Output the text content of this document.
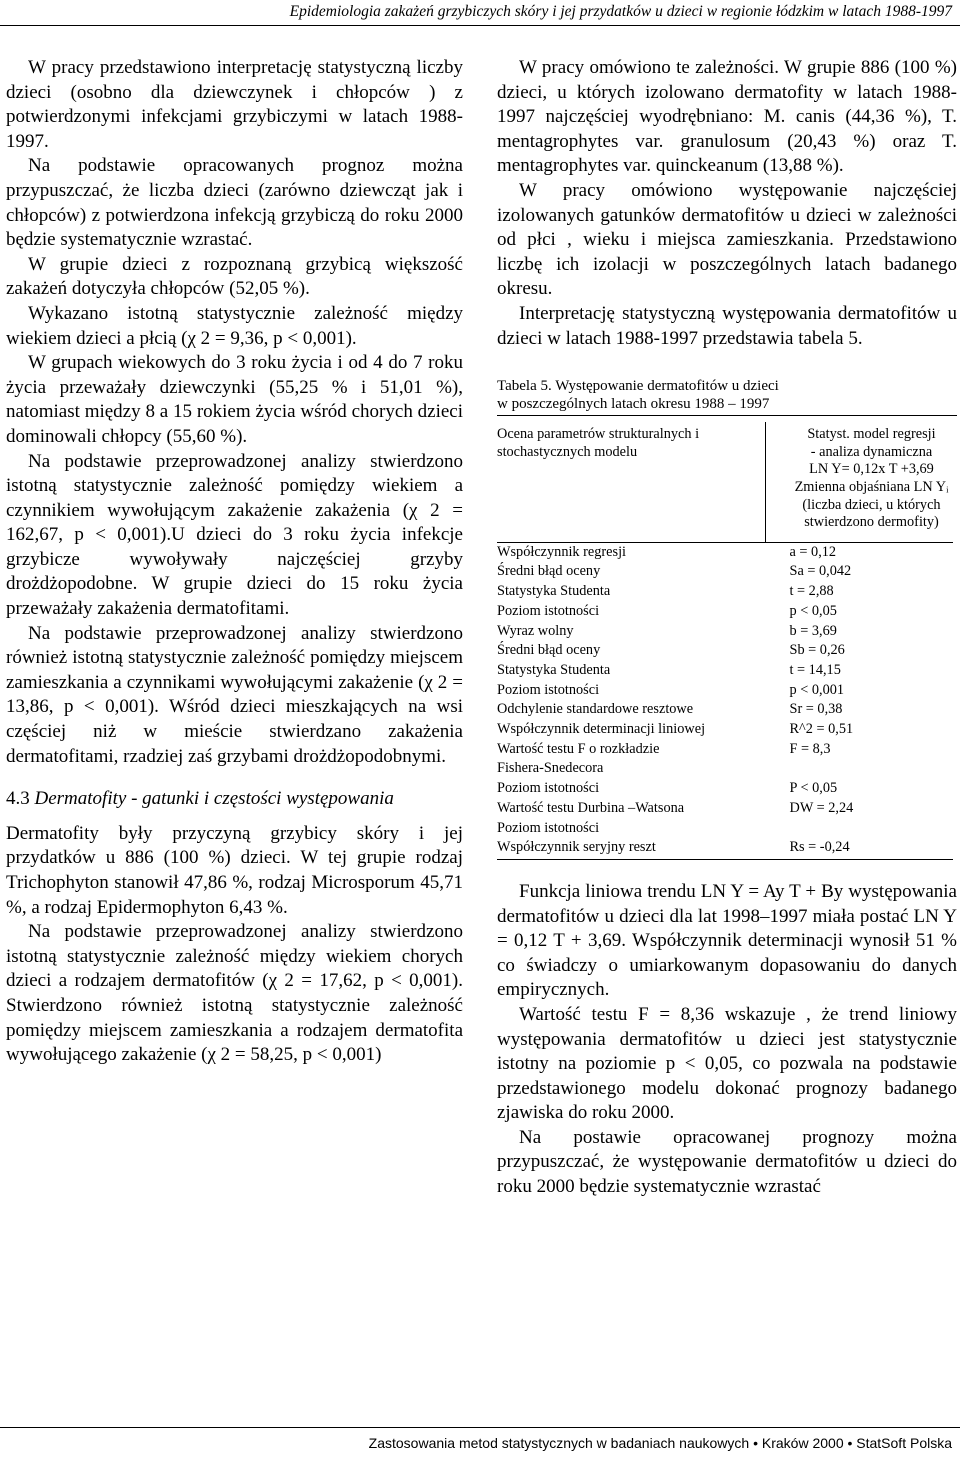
Epidemiologia zakażeń grzybiczych skóry i jej przydatków u dzieci w regionie łódzkim w latach 1988-1997

W pracy przedstawiono interpretację statystyczną liczby dzieci (osobno dla dziewczynek i chłopców ) z potwierdzonymi infekcjami grzybiczymi w latach 1988-1997.

Na podstawie opracowanych prognoz można przypuszczać, że liczba dzieci (zarówno dziewcząt jak i chłopców) z potwierdzona infekcją grzybiczą do roku 2000 będzie systematycznie wzrastać.

W grupie dzieci z rozpoznaną grzybicą większość zakażeń dotyczyła chłopców (52,05 %).

Wykazano istotną statystycznie zależność między wiekiem dzieci a płcią (χ 2 = 9,36, p < 0,001).

W grupach wiekowych do 3 roku życia i od 4 do 7 roku życia przeważały dziewczynki (55,25 % i 51,01 %), natomiast między 8 a 15 rokiem życia wśród chorych dzieci dominowali chłopcy (55,60 %).

Na podstawie przeprowadzonej analizy stwierdzono istotną statystycznie zależność pomiędzy wiekiem a czynnikiem wywołującym zakażenie zakażenia (χ 2 = 162,67, p < 0,001).U dzieci do 3 roku życia infekcje grzybicze wywoływały najczęściej grzyby drożdżopodobne. W grupie dzieci do 15 roku życia przeważały zakażenia dermatofitami.

Na podstawie przeprowadzonej analizy stwierdzono również istotną statystycznie zależność pomiędzy miejscem zamieszkania a czynnikami wywołującymi zakażenie (χ 2 = 13,86, p < 0,001). Wśród dzieci mieszkających na wsi częściej niż w mieście stwierdzano zakażenia dermatofitami, rzadziej zaś grzybami drożdżopodobnymi.

4.3 Dermatofity - gatunki i częstości występowania

Dermatofity były przyczyną grzybicy skóry i jej przydatków u 886 (100 %) dzieci. W tej grupie rodzaj Trichophyton stanowił 47,86 %, rodzaj Microsporum 45,71 %, a rodzaj Epidermophyton 6,43 %.

Na podstawie przeprowadzonej analizy stwierdzono istotną statystycznie zależność między wiekiem chorych dzieci a rodzajem dermatofitów (χ 2 = 17,62, p < 0,001). Stwierdzono również istotną statystycznie zależność pomiędzy miejscem zamieszkania a rodzajem dermatofita wywołującego zakażenie (χ 2 = 58,25, p < 0,001)

W pracy omówiono te zależności. W grupie 886 (100 %) dzieci, u których izolowano dermatofity w latach 1988-1997 najczęściej wyodrębniano: M. canis (44,36 %), T. mentagrophytes var. granulosum (20,43 %) oraz T. mentagrophytes var. quinckeanum (13,88 %).

W pracy omówiono występowanie najczęściej izolowanych gatunków dermatofitów u dzieci w zależności od płci , wieku i miejsca zamieszkania. Przedstawiono liczbę ich izolacji w poszczególnych latach badanego okresu.

Interpretację statystyczną występowania dermatofitów u dzieci w latach 1988-1997 przedstawia tabela 5.

Tabela 5. Występowanie dermatofitów u dzieci
w poszczególnych latach okresu 1988 – 1997
Ocena parametrów strukturalnych i stochastycznych modelu	Statyst. model regresji
- analiza dynamiczna
LN Y= 0,12x T +3,69
Zmienna objaśniana LN Yᵢ
(liczba dzieci, u których stwierdzono dermofity)

Współczynnik regresji	a = 0,12
Średni błąd oceny	Sa = 0,042
Statystyka Studenta	t = 2,88
Poziom istotności	p < 0,05
Wyraz wolny	b = 3,69
Średni błąd oceny	Sb = 0,26
Statystyka Studenta	t = 14,15
Poziom istotności	p < 0,001
Odchylenie standardowe resztowe	Sr = 0,38
Współczynnik determinacji liniowej	R^2 = 0,51
Wartość testu F o rozkładzie	F = 8,3
Fishera-Snedecora	
Poziom istotności	P < 0,05
Wartość testu Durbina –Watsona	DW = 2,24
Poziom istotności	
Współczynnik seryjny reszt	Rs = -0,24

Funkcja liniowa trendu LN Y = Ay T + By występowania dermatofitów u dzieci dla lat 1998–1997 miała postać LN Y = 0,12 T + 3,69. Współczynnik determinacji wynosił 51 % co świadczy o umiarkowanym dopasowaniu do danych empirycznych.

Wartość testu F = 8,36 wskazuje , że trend liniowy występowania dermatofitów u dzieci jest statystycznie istotny na poziomie p < 0,05, co pozwala na podstawie przedstawionego modelu dokonać prognozy badanego zjawiska do roku 2000.

Na postawie opracowanej prognozy można przypuszczać, że występowanie dermatofitów u dzieci do roku 2000 będzie systematycznie wzrastać

Zastosowania metod statystycznych w badaniach naukowych • Kraków 2000 • StatSoft Polska
